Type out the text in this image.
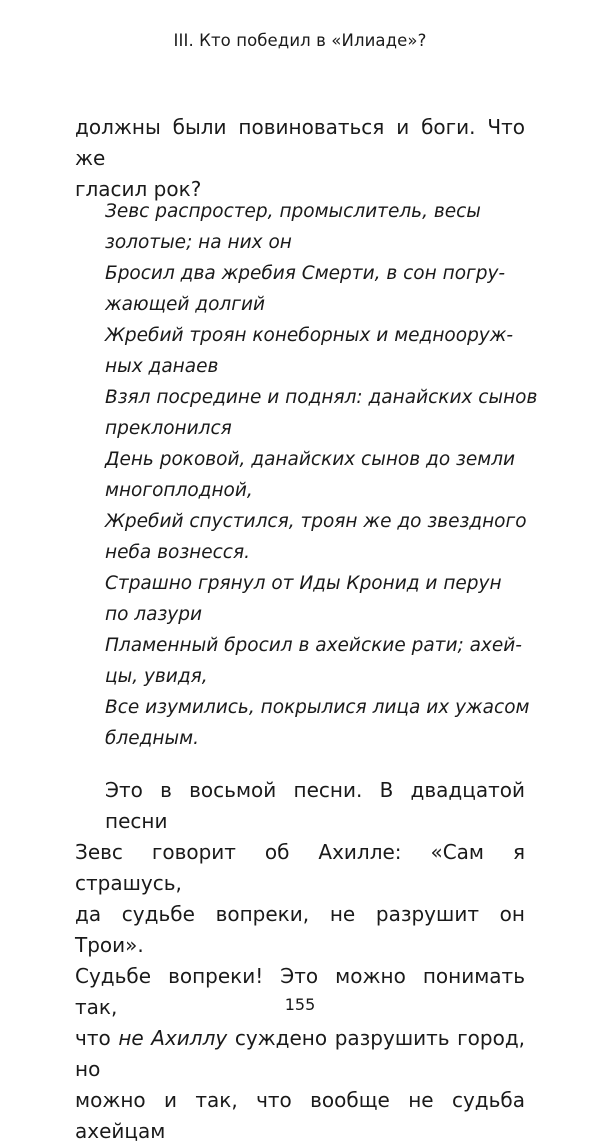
III. Кто победил в «Илиаде»?
должны были повиноваться и боги. Что же
гласил рок?
Зевс распростер, промыслитель, весы
золотые; на них он
Бросил два жребия Смерти, в сон погру-
жающей долгий
Жребий троян конеборных и меднооруж-
ных данаев
Взял посредине и поднял: данайских сынов
преклонился
День роковой, данайских сынов до земли
многоплодной,
Жребий спустился, троян же до звездного
неба вознесся.
Страшно грянул от Иды Кронид и перун
по лазури
Пламенный бросил в ахейские рати; ахей-
цы, увидя,
Все изумились, покрылися лица их ужасом
бледным.
Это в восьмой песни. В двадцатой песни
Зевс говорит об Ахилле: «Сам я страшусь,
да судьбе вопреки, не разрушит он Трои».
Судьбе вопреки! Это можно понимать так,
что не Ахиллу суждено разрушить город, но
можно и так, что вообще не судьба ахейцам
155
